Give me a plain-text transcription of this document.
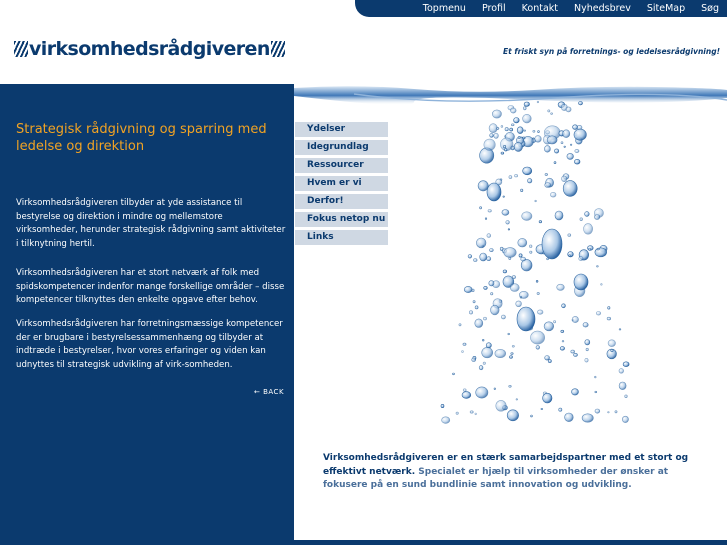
Topmenu	Profil	Kontakt	Nyhedsbrev	SiteMap	Søg
virksomhedsrådgiveren	Et friskt syn på forretnings- og ledelsesrådgivning!
Strategisk rådgivning og sparring med ledelse og direktion

Virksomhedsrådgiveren tilbyder at yde assistance til bestyrelse og direktion i mindre og mellemstore virksomheder, herunder strategisk rådgivning samt aktiviteter i tilknytning hertil.

Virksomhedsrådgiveren har et stort netværk af folk med spidskompetencer indenfor mange forskellige områder – disse kompetencer tilknyttes den enkelte opgave efter behov.

Virksomhedsrådgiveren har forretningsmæssige kompetencer der er brugbare i bestyrelsessammenhæng og tilbyder at indtræde i bestyrelser, hvor vores erfaringer og viden kan udnyttes til strategisk udvikling af virk-somheden.

← BACK
Ydelser
Idegrundlag
Ressourcer
Hvem er vi
Derfor!
Fokus netop nu
Links

Virksomhedsrådgiveren er en stærk samarbejdspartner med et stort og effektivt netværk. Specialet er hjælp til virksomheder der ønsker at fokusere på en sund bundlinie samt innovation og udvikling.
